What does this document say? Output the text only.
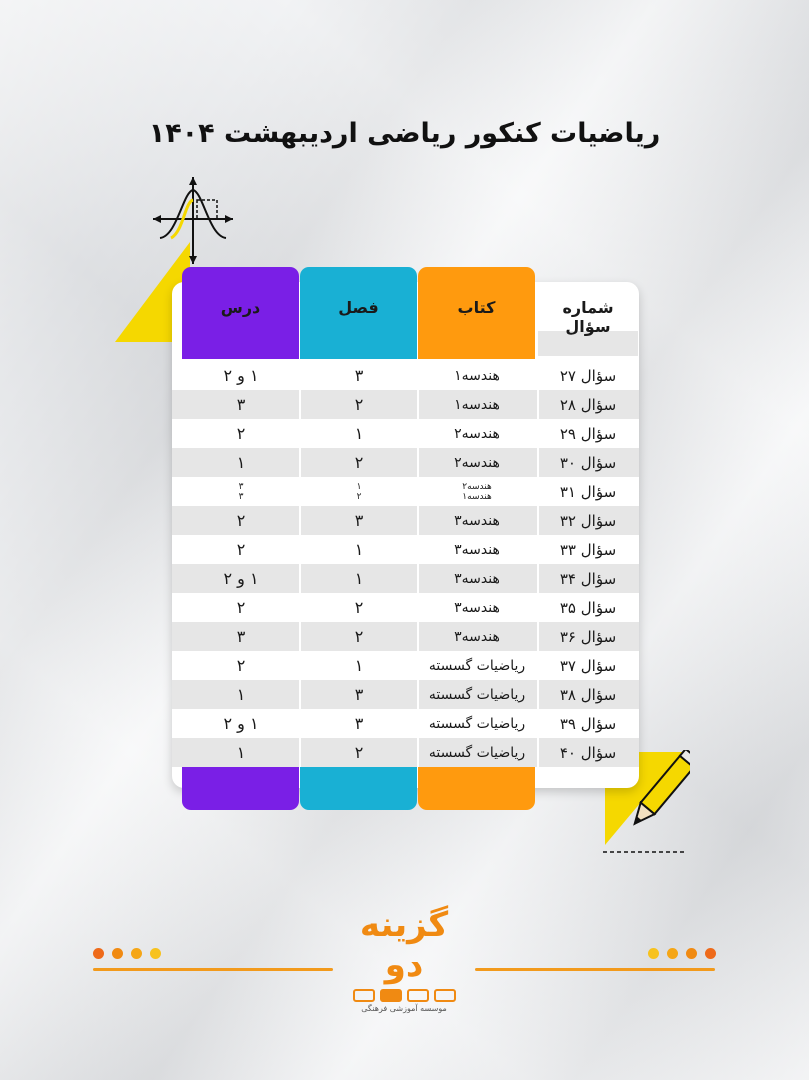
ریاضیات کنکور ریاضی اردیبهشت ۱۴۰۴
شماره سؤال
کتاب
فصل
درس
سؤال ۲۷
هندسه۱
۳
۱ و ۲
سؤال ۲۸
هندسه۱
۲
۳
سؤال ۲۹
هندسه۲
۱
۲
سؤال ۳۰
هندسه۲
۲
۱
سؤال ۳۱
هندسه۲
هندسه۱
۱
۲
۳
۳
سؤال ۳۲
هندسه۳
۳
۲
سؤال ۳۳
هندسه۳
۱
۲
سؤال ۳۴
هندسه۳
۱
۱ و ۲
سؤال ۳۵
هندسه۳
۲
۲
سؤال ۳۶
هندسه۳
۲
۳
سؤال ۳۷
ریاضیات گسسته
۱
۲
سؤال ۳۸
ریاضیات گسسته
۳
۱
سؤال ۳۹
ریاضیات گسسته
۳
۱ و ۲
سؤال ۴۰
ریاضیات گسسته
۲
۱
گزینه دو
موسسه آموزشی فرهنگی
